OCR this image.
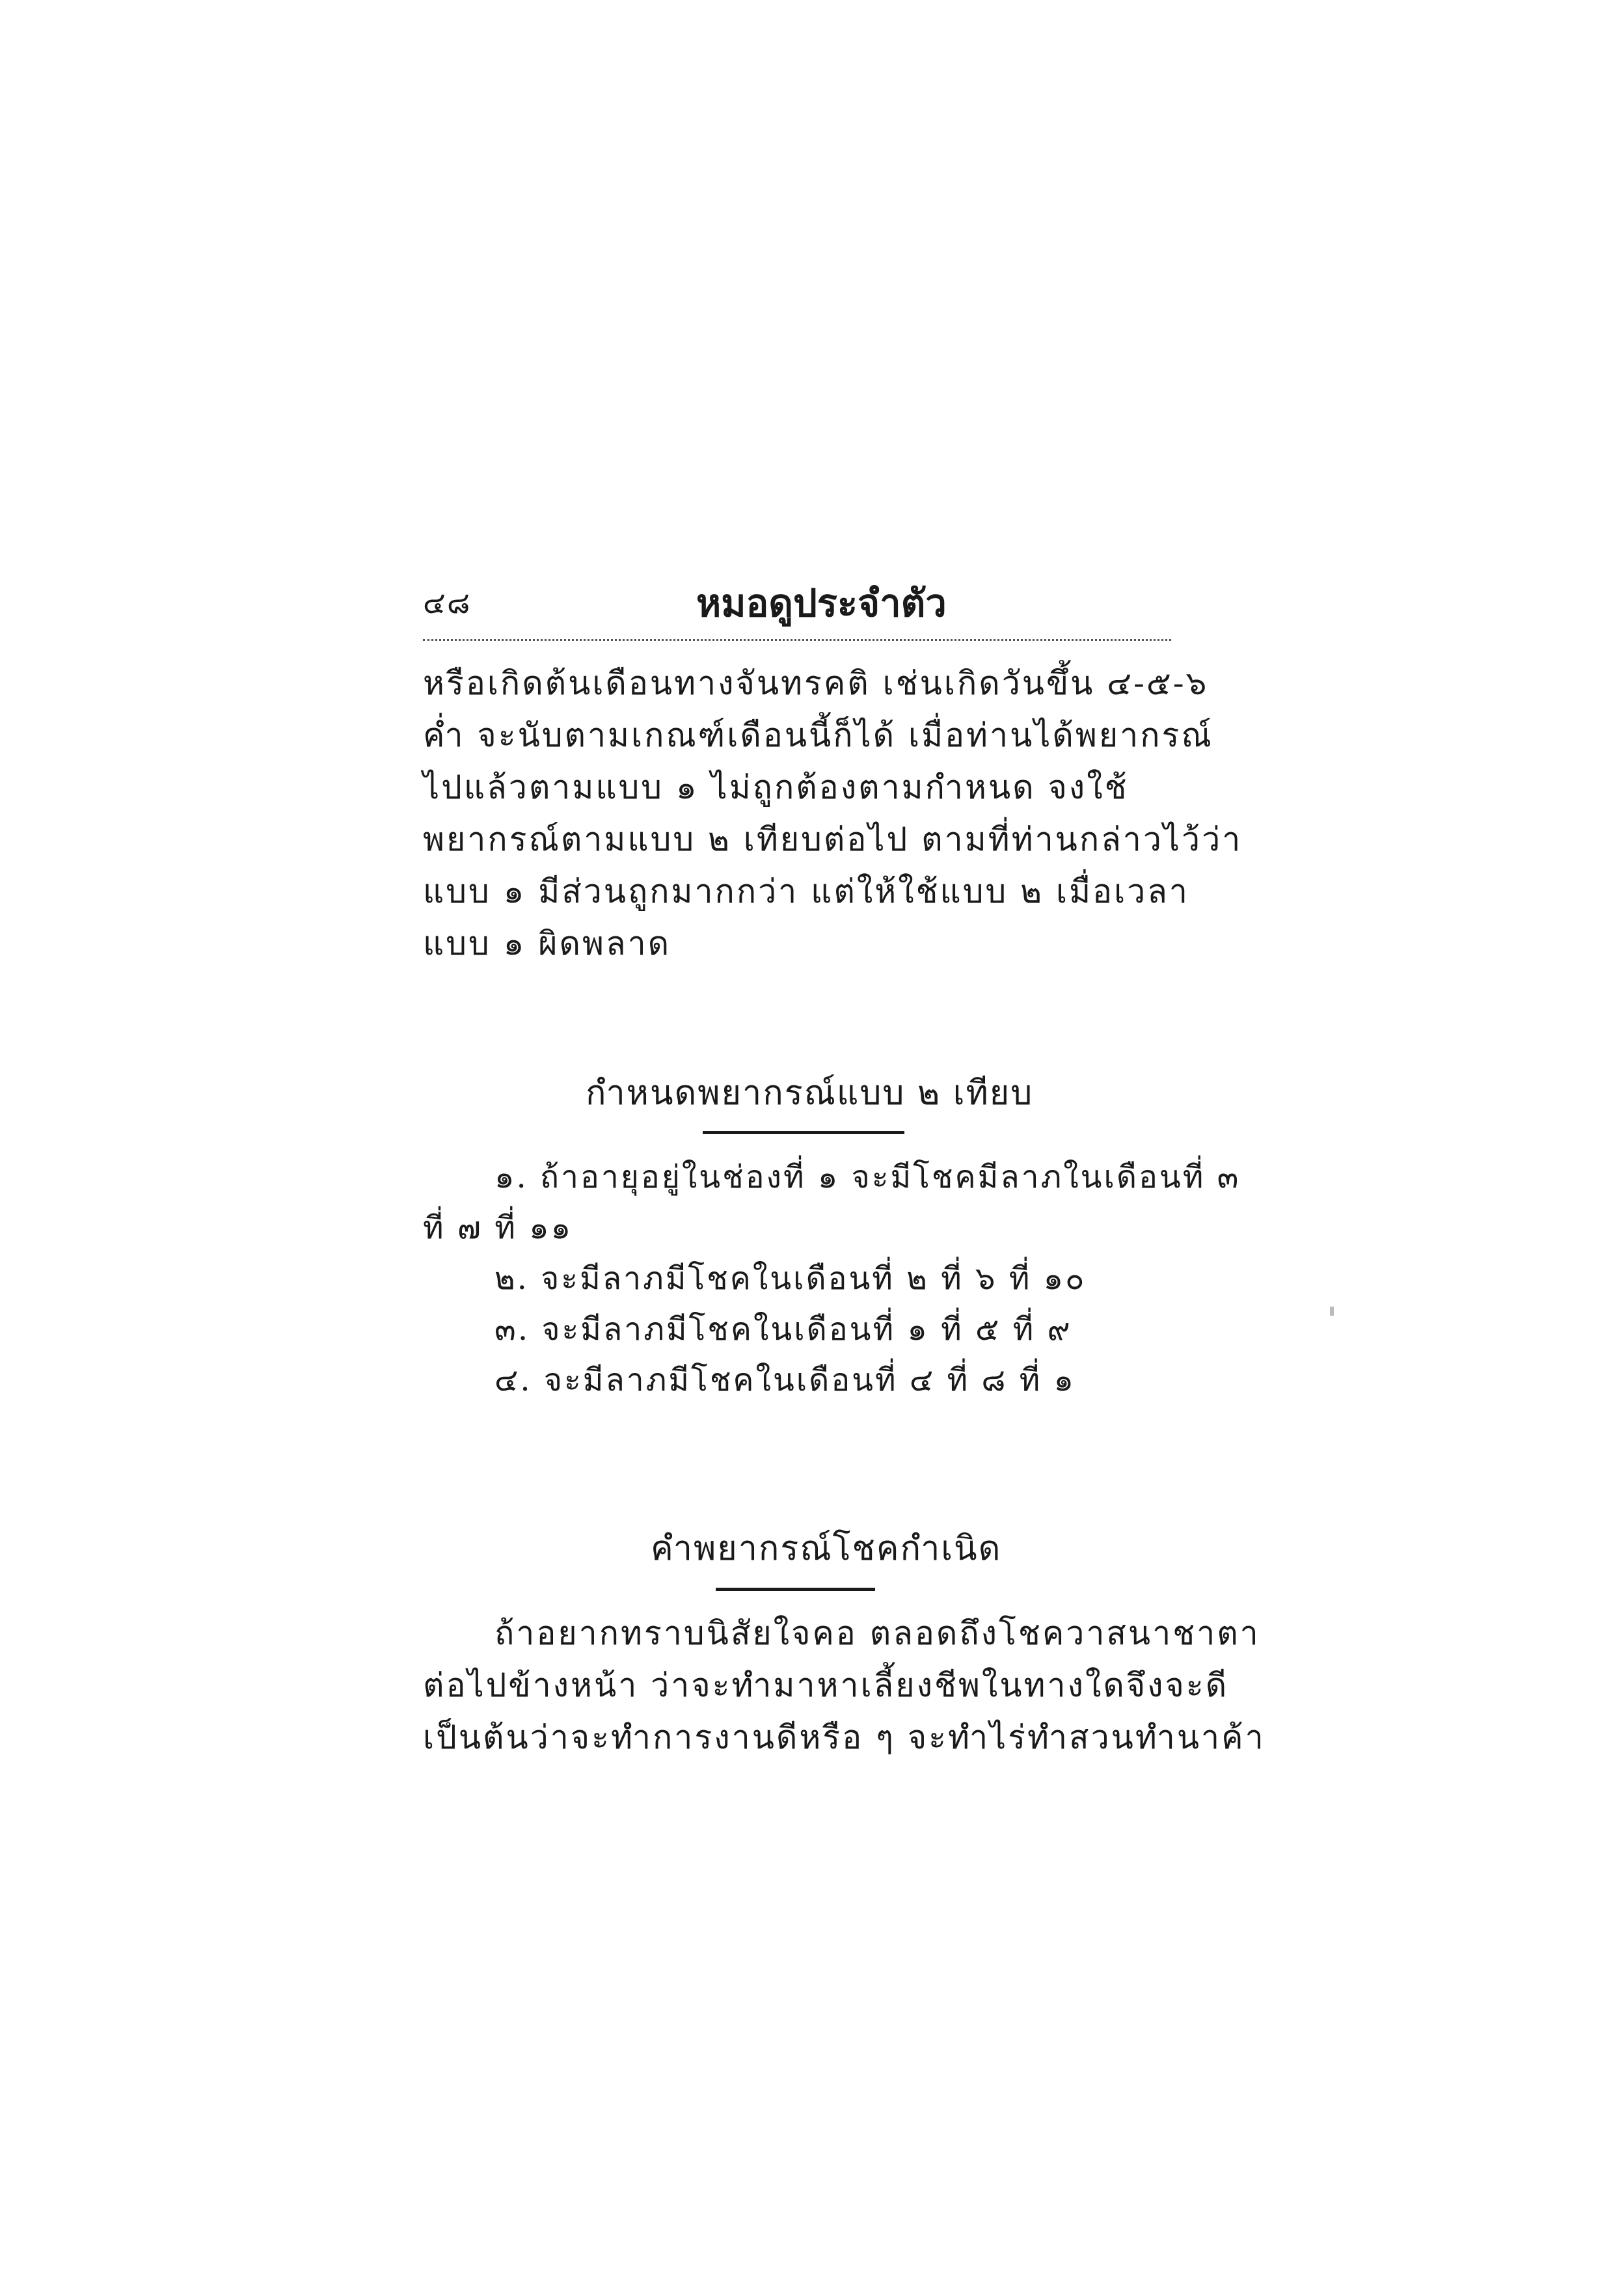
๔๘	หมอดูประจำตัว
หรือเกิดต้นเดือนทางจันทรคติ เช่นเกิดวันขึ้น ๔-๕-๖
ค่ำ จะนับตามเกณฑ์เดือนนี้ก็ได้ เมื่อท่านได้พยากรณ์
ไปแล้วตามแบบ ๑ ไม่ถูกต้องตามกำหนด จงใช้
พยากรณ์ตามแบบ ๒ เทียบต่อไป ตามที่ท่านกล่าวไว้ว่า
แบบ ๑ มีส่วนถูกมากกว่า แต่ให้ใช้แบบ ๒ เมื่อเวลา
แบบ ๑ ผิดพลาด
กำหนดพยากรณ์แบบ ๒ เทียบ
๑. ถ้าอายุอยู่ในช่องที่ ๑ จะมีโชคมีลาภในเดือนที่ ๓
ที่ ๗ ที่ ๑๑
๒. จะมีลาภมีโชคในเดือนที่ ๒ ที่ ๖ ที่ ๑๐
๓. จะมีลาภมีโชคในเดือนที่ ๑ ที่ ๕ ที่ ๙
๔. จะมีลาภมีโชคในเดือนที่ ๔ ที่ ๘ ที่ ๑
คำพยากรณ์โชคกำเนิด
ถ้าอยากทราบนิสัยใจคอ ตลอดถึงโชควาสนาชาตา
ต่อไปข้างหน้า ว่าจะทำมาหาเลี้ยงชีพในทางใดจึงจะดี
เป็นต้นว่าจะทำการงานดีหรือ ๆ จะทำไร่ทำสวนทำนาค้า
